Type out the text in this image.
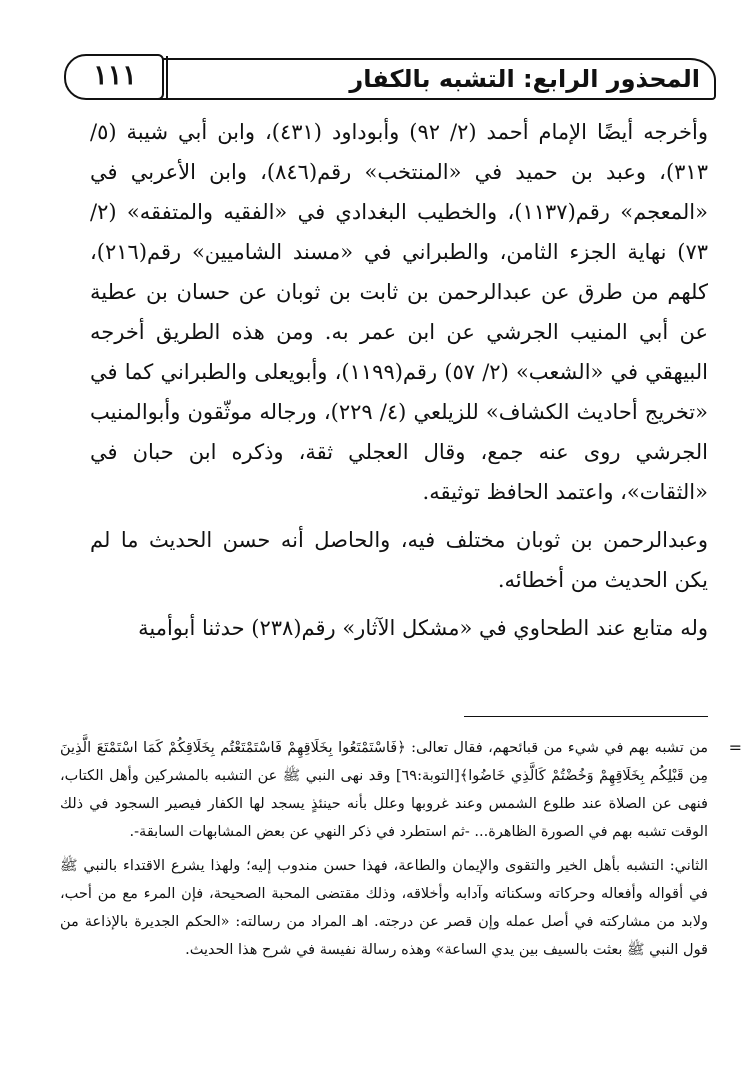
المحذور الرابع: التشبه بالكفار
١١١

وأخرجه أيضًا الإمام أحمد (٢/ ٩٢) وأبوداود (٤٣١)، وابن أبي شيبة (٥/ ٣١٣)، وعبد بن حميد في «المنتخب» رقم(٨٤٦)، وابن الأعربي في «المعجم» رقم(١١٣٧)، والخطيب البغدادي في «الفقيه والمتفقه» (٢/ ٧٣) نهاية الجزء الثامن، والطبراني في «مسند الشاميين» رقم(٢١٦)، كلهم من طرق عن عبدالرحمن بن ثابت بن ثوبان عن حسان بن عطية عن أبي المنيب الجرشي عن ابن عمر به. ومن هذه الطريق أخرجه البيهقي في «الشعب» (٢/ ٥٧) رقم(١١٩٩)، وأبويعلى والطبراني كما في «تخريج أحاديث الكشاف» للزيلعي (٤/ ٢٢٩)، ورجاله موثّقون وأبوالمنيب الجرشي روى عنه جمع، وقال العجلي ثقة، وذكره ابن حبان في «الثقات»، واعتمد الحافظ توثيقه.

وعبدالرحمن بن ثوبان مختلف فيه، والحاصل أنه حسن الحديث ما لم يكن الحديث من أخطائه.

وله متابع عند الطحاوي في «مشكل الآثار» رقم(٢٣٨) حدثنا أبوأمية

=

من تشبه بهم في شيء من قبائحهم، فقال تعالى: ﴿فَاسْتَمْتَعُوا بِخَلَاقِهِمْ فَاسْتَمْتَعْتُم بِخَلَاقِكُمْ كَمَا اسْتَمْتَعَ الَّذِينَ مِن قَبْلِكُم بِخَلَاقِهِمْ وَخُضْتُمْ كَالَّذِي خَاضُوا﴾[التوبة:٦٩] وقد نهى النبي ﷺ عن التشبه بالمشركين وأهل الكتاب، فنهى عن الصلاة عند طلوع الشمس وعند غروبها وعلل بأنه حينئذٍ يسجد لها الكفار فيصير السجود في ذلك الوقت تشبه بهم في الصورة الظاهرة... -ثم استطرد في ذكر النهي عن بعض المشابهات السابقة-.

الثاني: التشبه بأهل الخير والتقوى والإيمان والطاعة، فهذا حسن مندوب إليه؛ ولهذا يشرع الاقتداء بالنبي ﷺ في أقواله وأفعاله وحركاته وسكناته وآدابه وأخلاقه، وذلك مقتضى المحبة الصحيحة، فإن المرء مع من أحب، ولابد من مشاركته في أصل عمله وإن قصر عن درجته. اهـ المراد من رسالته: «الحكم الجديرة بالإذاعة من قول النبي ﷺ بعثت بالسيف بين يدي الساعة» وهذه رسالة نفيسة في شرح هذا الحديث.
